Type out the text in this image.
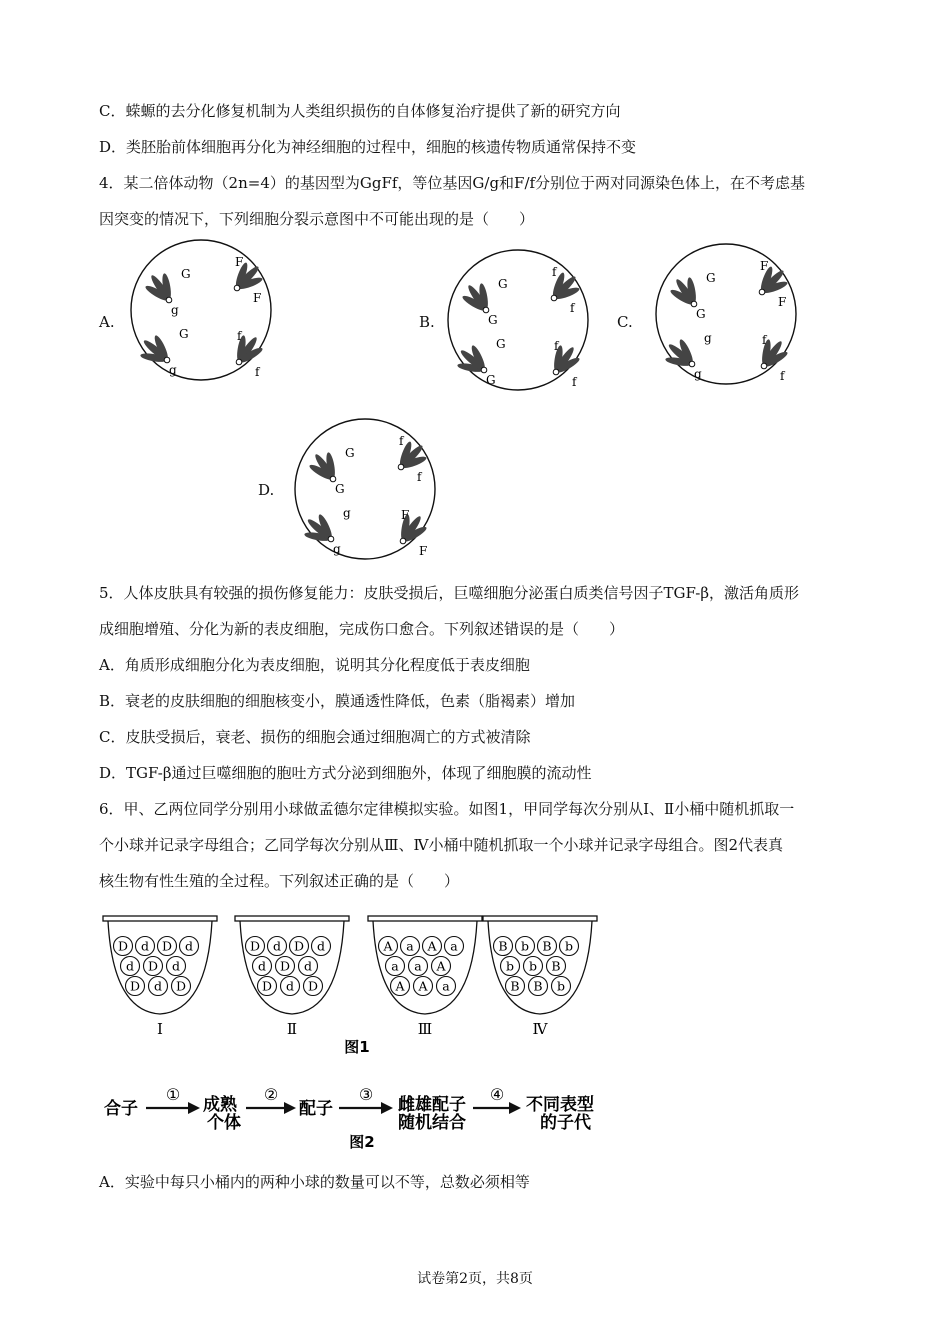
C．蝾螈的去分化修复机制为人类组织损伤的自体修复治疗提供了新的研究方向
D．类胚胎前体细胞再分化为神经细胞的过程中，细胞的核遗传物质通常保持不变
4．某二倍体动物（2n=4）的基因型为GgFf，等位基因G/g和F/f分别位于两对同源染色体上，在不考虑基
因突变的情况下，下列细胞分裂示意图中不可能出现的是（　　）
A.	B.	C.
D.
G
g
F
F
G
g
f
f
G
G
f
f
G
G
f
f
G
G
F
F
g
g
f
f
G
G
f
f
g
g
F
F
5．人体皮肤具有较强的损伤修复能力：皮肤受损后，巨噬细胞分泌蛋白质类信号因子TGF-β，激活角质形
成细胞增殖、分化为新的表皮细胞，完成伤口愈合。下列叙述错误的是（　　）
A．角质形成细胞分化为表皮细胞，说明其分化程度低于表皮细胞
B．衰老的皮肤细胞的细胞核变小，膜通透性降低，色素（脂褐素）增加
C．皮肤受损后，衰老、损伤的细胞会通过细胞凋亡的方式被清除
D．TGF-β通过巨噬细胞的胞吐方式分泌到细胞外，体现了细胞膜的流动性
6．甲、乙两位同学分别用小球做孟德尔定律模拟实验。如图1，甲同学每次分别从Ⅰ、Ⅱ小桶中随机抓取一
个小球并记录字母组合；乙同学每次分别从Ⅲ、Ⅳ小桶中随机抓取一个小球并记录字母组合。图2代表真
核生物有性生殖的全过程。下列叙述正确的是（　　）
D d D d
d D d
D d D
Ⅰ
D d D d
d D d
D d D
Ⅱ
A a A a
a a A
A A a
Ⅲ
B b B b
b b B
B B b
Ⅳ
图1
合子	成熟
个体
配子	雌雄配子
随机结合
不同表型
的子代
①	②	③	④
图2
A．实验中每只小桶内的两种小球的数量可以不等，总数必须相等
试卷第2页，共8页
